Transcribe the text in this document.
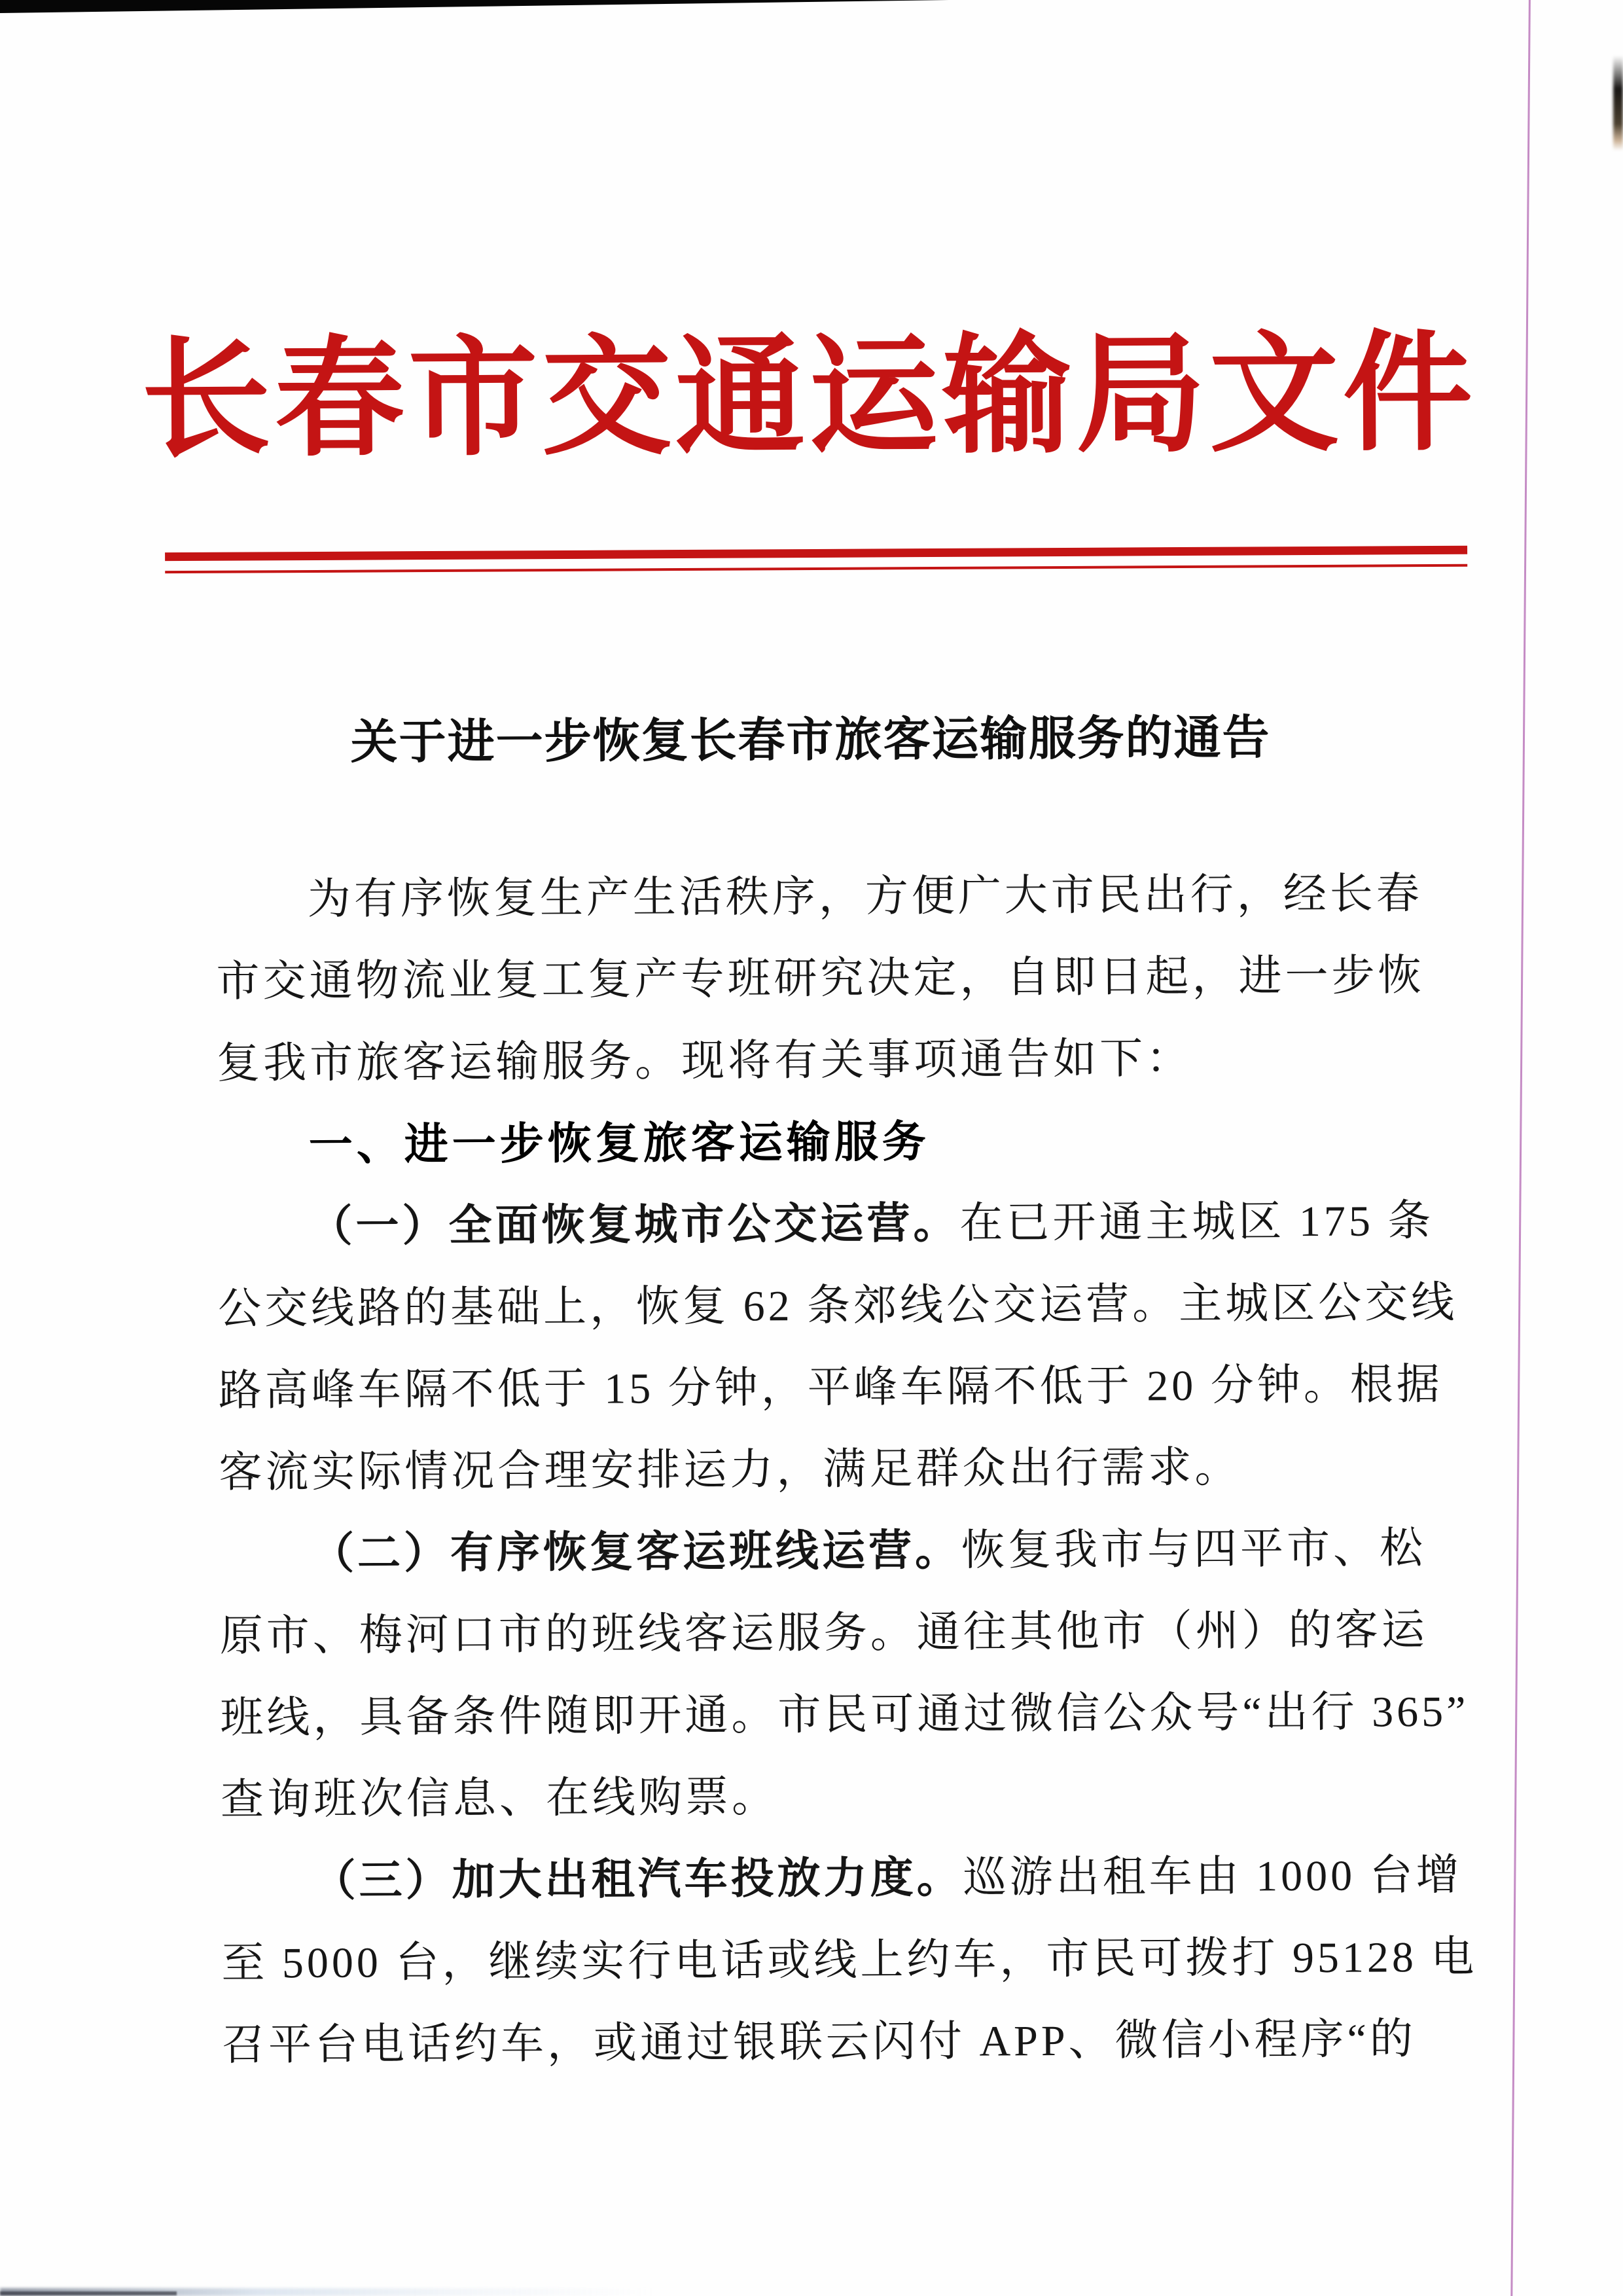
长春市交通运输局文件
关于进一步恢复长春市旅客运输服务的通告
为有序恢复生产生活秩序，方便广大市民出行，经长春
市交通物流业复工复产专班研究决定，自即日起，进一步恢
复我市旅客运输服务。现将有关事项通告如下：
一、进一步恢复旅客运输服务
（一）全面恢复城市公交运营。在已开通主城区 175 条
公交线路的基础上，恢复 62 条郊线公交运营。主城区公交线
路高峰车隔不低于 15 分钟，平峰车隔不低于 20 分钟。根据
客流实际情况合理安排运力，满足群众出行需求。
（二）有序恢复客运班线运营。恢复我市与四平市、松
原市、梅河口市的班线客运服务。通往其他市（州）的客运
班线，具备条件随即开通。市民可通过微信公众号“出行 365”
查询班次信息、在线购票。
（三）加大出租汽车投放力度。巡游出租车由 1000 台增
至 5000 台，继续实行电话或线上约车，市民可拨打 95128 电
召平台电话约车，或通过银联云闪付 APP、微信小程序“的
